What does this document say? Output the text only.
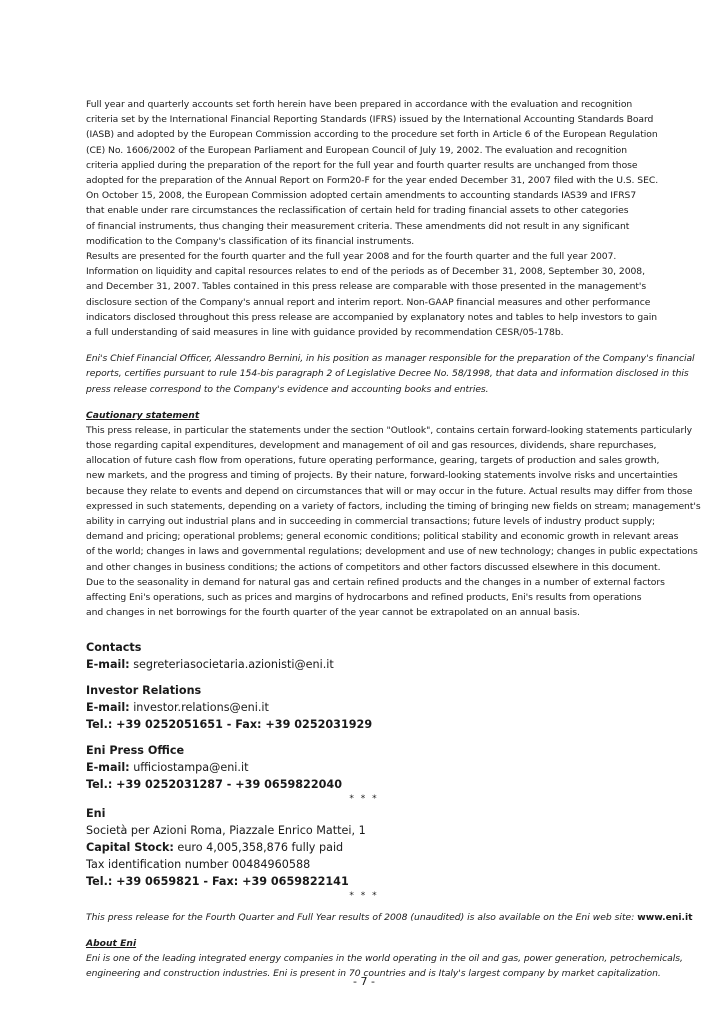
Full year and quarterly accounts set forth herein have been prepared in accordance with the evaluation and recognition
criteria set by the International Financial Reporting Standards (IFRS) issued by the International Accounting Standards Board
(IASB) and adopted by the European Commission according to the procedure set forth in Article 6 of the European Regulation
(CE) No. 1606/2002 of the European Parliament and European Council of July 19, 2002. The evaluation and recognition
criteria applied during the preparation of the report for the full year and fourth quarter results are unchanged from those
adopted for the preparation of the Annual Report on Form20-F for the year ended December 31, 2007 filed with the U.S. SEC.
On October 15, 2008, the European Commission adopted certain amendments to accounting standards IAS39 and IFRS7
that enable under rare circumstances the reclassification of certain held for trading financial assets to other categories
of financial instruments, thus changing their measurement criteria. These amendments did not result in any significant
modification to the Company's classification of its financial instruments.
Results are presented for the fourth quarter and the full year 2008 and for the fourth quarter and the full year 2007.
Information on liquidity and capital resources relates to end of the periods as of December 31, 2008, September 30, 2008,
and December 31, 2007. Tables contained in this press release are comparable with those presented in the management's
disclosure section of the Company's annual report and interim report. Non-GAAP financial measures and other performance
indicators disclosed throughout this press release are accompanied by explanatory notes and tables to help investors to gain
a full understanding of said measures in line with guidance provided by recommendation CESR/05-178b.

Eni's Chief Financial Officer, Alessandro Bernini, in his position as manager responsible for the preparation of the Company's financial
reports, certifies pursuant to rule 154-bis paragraph 2 of Legislative Decree No. 58/1998, that data and information disclosed in this
press release correspond to the Company's evidence and accounting books and entries.

Cautionary statement

This press release, in particular the statements under the section "Outlook", contains certain forward-looking statements particularly
those regarding capital expenditures, development and management of oil and gas resources, dividends, share repurchases,
allocation of future cash flow from operations, future operating performance, gearing, targets of production and sales growth,
new markets, and the progress and timing of projects. By their nature, forward-looking statements involve risks and uncertainties
because they relate to events and depend on circumstances that will or may occur in the future. Actual results may differ from those
expressed in such statements, depending on a variety of factors, including the timing of bringing new fields on stream; management's
ability in carrying out industrial plans and in succeeding in commercial transactions; future levels of industry product supply;
demand and pricing; operational problems; general economic conditions; political stability and economic growth in relevant areas
of the world; changes in laws and governmental regulations; development and use of new technology; changes in public expectations
and other changes in business conditions; the actions of competitors and other factors discussed elsewhere in this document.
Due to the seasonality in demand for natural gas and certain refined products and the changes in a number of external factors
affecting Eni's operations, such as prices and margins of hydrocarbons and refined products, Eni's results from operations
and changes in net borrowings for the fourth quarter of the year cannot be extrapolated on an annual basis.

Contacts
E-mail: segreteriasocietaria.azionisti@eni.it

Investor Relations
E-mail: investor.relations@eni.it
Tel.: +39 0252051651 - Fax: +39 0252031929

Eni Press Office
E-mail: ufficiostampa@eni.it
Tel.: +39 0252031287 - +39 0659822040

* * *

Eni
Società per Azioni Roma, Piazzale Enrico Mattei, 1
Capital Stock: euro 4,005,358,876 fully paid
Tax identification number 00484960588
Tel.: +39 0659821 - Fax: +39 0659822141

* * *

This press release for the Fourth Quarter and Full Year results of 2008 (unaudited) is also available on the Eni web site: www.eni.it

About Eni

Eni is one of the leading integrated energy companies in the world operating in the oil and gas, power generation, petrochemicals,
engineering and construction industries. Eni is present in 70 countries and is Italy's largest company by market capitalization.

- 7 -
